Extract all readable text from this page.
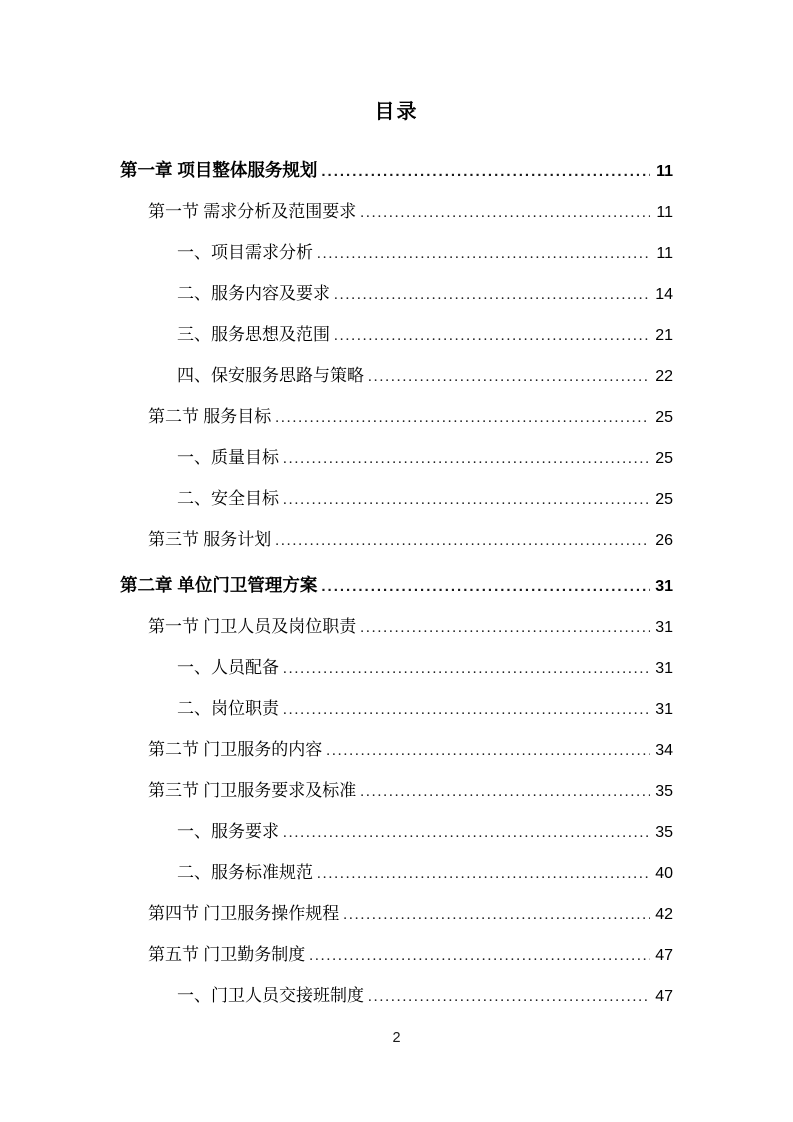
目录
第一章 项目整体服务规划 .....	11
第一节 需求分析及范围要求 .....	11
一、项目需求分析 .....	11
二、服务内容及要求 .....	14
三、服务思想及范围 .....	21
四、保安服务思路与策略 .....	22
第二节 服务目标 .....	25
一、质量目标 .....	25
二、安全目标 .....	25
第三节 服务计划 .....	26
第二章 单位门卫管理方案 .....	31
第一节 门卫人员及岗位职责 .....	31
一、人员配备 .....	31
二、岗位职责 .....	31
第二节 门卫服务的内容 .....	34
第三节 门卫服务要求及标准 .....	35
一、服务要求 .....	35
二、服务标准规范 .....	40
第四节 门卫服务操作规程 .....	42
第五节 门卫勤务制度 .....	47
一、门卫人员交接班制度 .....	47
2
